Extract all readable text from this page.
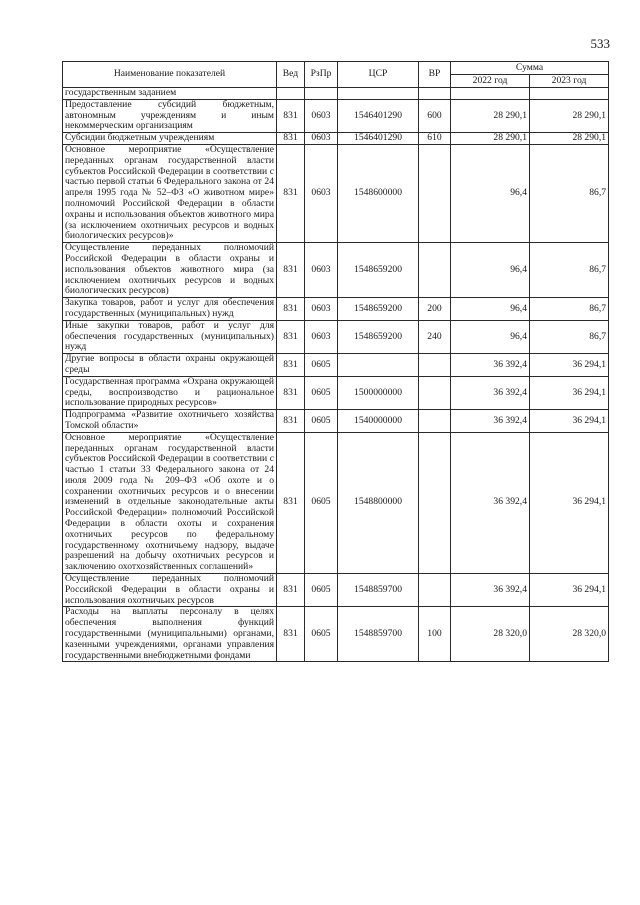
533
Наименование показателей	Вед	РзПр	ЦСР	ВР	Сумма	
					2022 год	2023 год
государственным заданием						
Предоставление субсидий бюджетным, автономным учреждениям и иным некоммерческим организациям	831	0603	1546401290	600	28 290,1	28 290,1
Субсидии бюджетным учреждениям	831	0603	1546401290	610	28 290,1	28 290,1
Основное мероприятие «Осуществление переданных органам государственной власти субъектов Российской Федерации в соответствии с частью первой статьи 6 Федерального закона от 24 апреля 1995 года № 52–ФЗ «О животном мире» полномочий Российской Федерации в области охраны и использования объектов животного мира (за исключением охотничьих ресурсов и водных биологических ресурсов)»	831	0603	1548600000		96,4	86,7
Осуществление переданных полномочий Российской Федерации в области охраны и использования объектов животного мира (за исключением охотничьих ресурсов и водных биологических ресурсов)	831	0603	1548659200		96,4	86,7
Закупка товаров, работ и услуг для обеспечения государственных (муниципальных) нужд	831	0603	1548659200	200	96,4	86,7
Иные закупки товаров, работ и услуг для обеспечения государственных (муниципальных) нужд	831	0603	1548659200	240	96,4	86,7
Другие вопросы в области охраны окружающей среды	831	0605			36 392,4	36 294,1
Государственная программа «Охрана окружающей среды, воспроизводство и рациональное использование природных ресурсов»	831	0605	1500000000		36 392,4	36 294,1
Подпрограмма «Развитие охотничьего хозяйства Томской области»	831	0605	1540000000		36 392,4	36 294,1
Основное мероприятие «Осуществление переданных органам государственной власти субъектов Российской Федерации в соответствии с частью 1 статьи 33 Федерального закона от 24 июля 2009 года № 209–ФЗ «Об охоте и о сохранении охотничьих ресурсов и о внесении изменений в отдельные законодательные акты Российской Федерации» полномочий Российской Федерации в области охоты и сохранения охотничьих ресурсов по федеральному государственному охотничьему надзору, выдаче разрешений на добычу охотничьих ресурсов и заключению охотхозяйственных соглашений»	831	0605	1548800000		36 392,4	36 294,1
Осуществление переданных полномочий Российской Федерации в области охраны и использования охотничьих ресурсов	831	0605	1548859700		36 392,4	36 294,1
Расходы на выплаты персоналу в целях обеспечения выполнения функций государственными (муниципальными) органами, казенными учреждениями, органами управления государственными внебюджетными фондами	831	0605	1548859700	100	28 320,0	28 320,0
